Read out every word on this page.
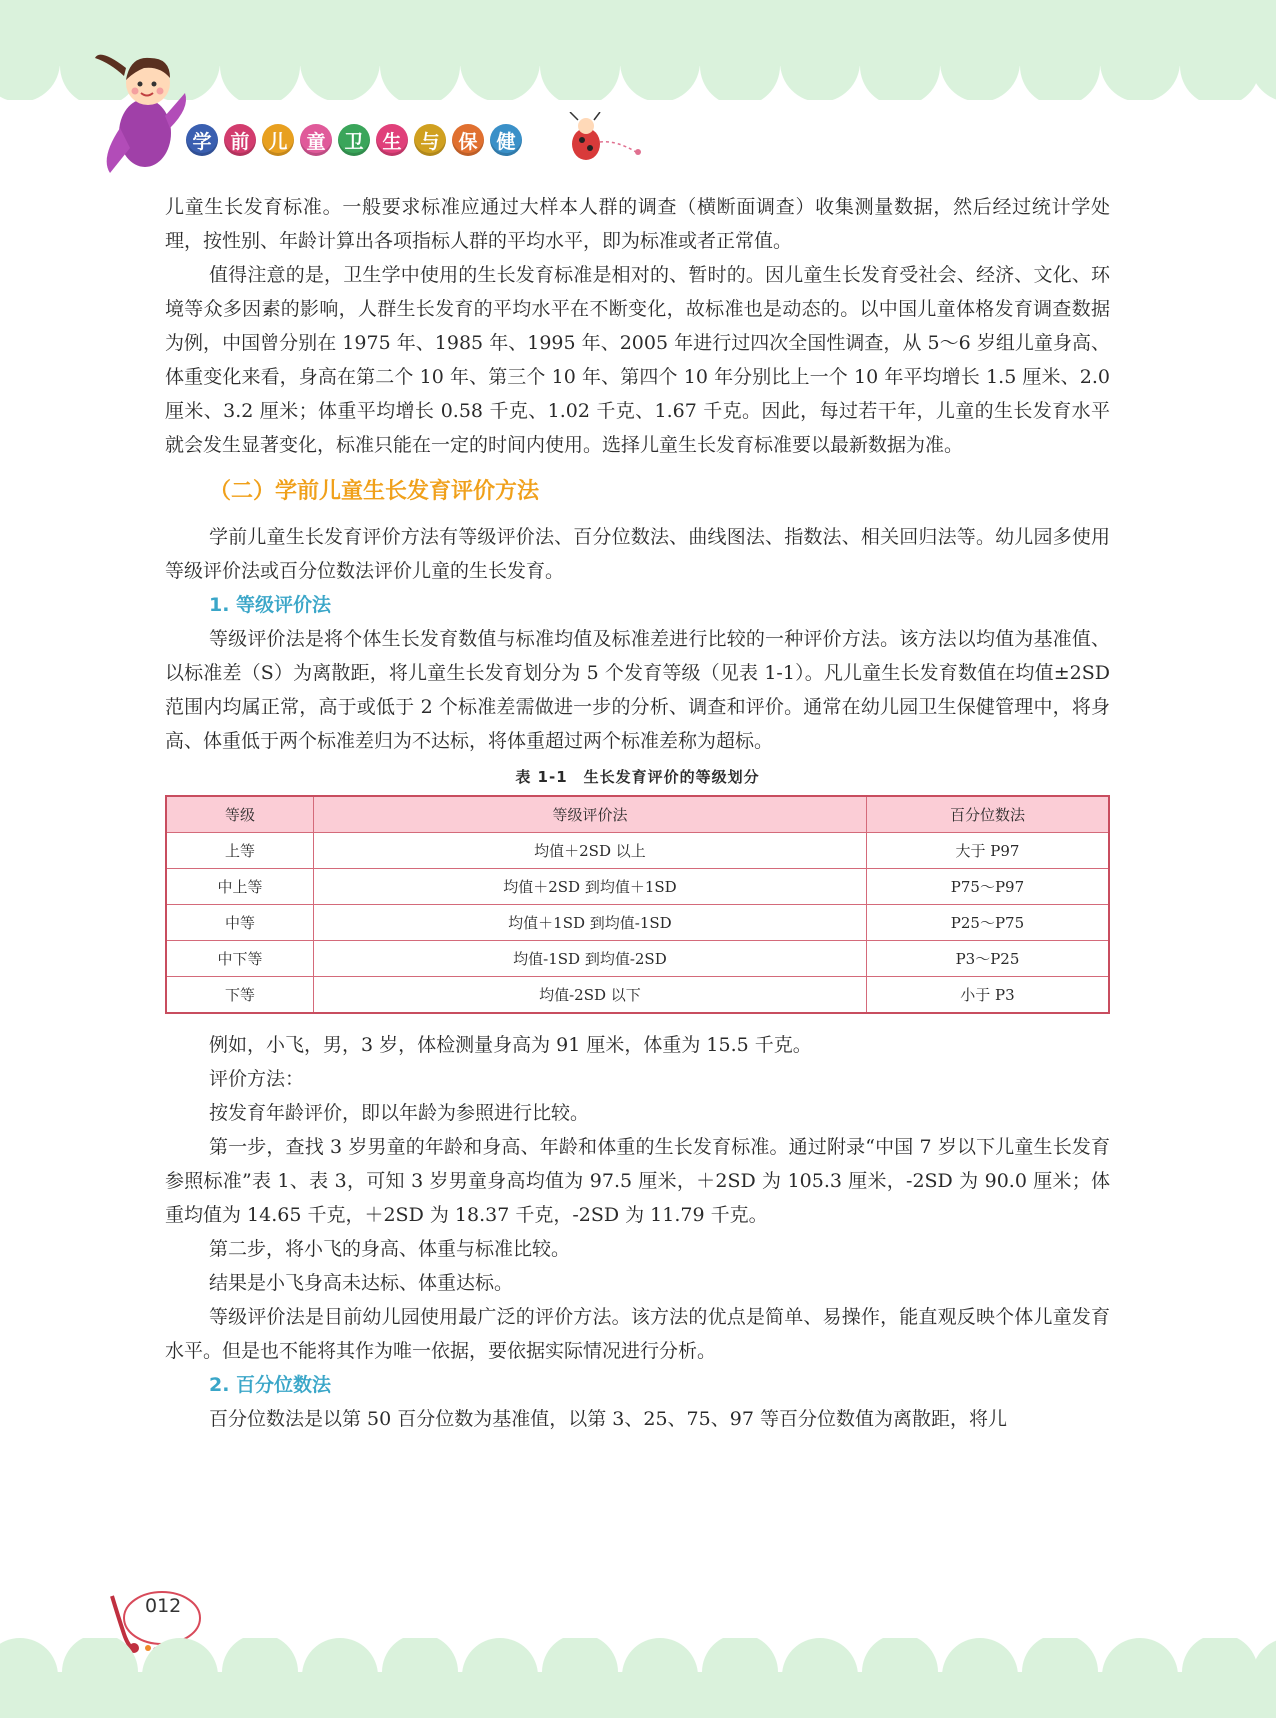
学 前 儿 童 卫 生 与 保 健

儿童生长发育标准。一般要求标准应通过大样本人群的调查（横断面调查）收集测量数据，然后经过统计学处理，按性别、年龄计算出各项指标人群的平均水平，即为标准或者正常值。

值得注意的是，卫生学中使用的生长发育标准是相对的、暂时的。因儿童生长发育受社会、经济、文化、环境等众多因素的影响，人群生长发育的平均水平在不断变化，故标准也是动态的。以中国儿童体格发育调查数据为例，中国曾分别在 1975 年、1985 年、1995 年、2005 年进行过四次全国性调查，从 5～6 岁组儿童身高、体重变化来看，身高在第二个 10 年、第三个 10 年、第四个 10 年分别比上一个 10 年平均增长 1.5 厘米、2.0 厘米、3.2 厘米；体重平均增长 0.58 千克、1.02 千克、1.67 千克。因此，每过若干年，儿童的生长发育水平就会发生显著变化，标准只能在一定的时间内使用。选择儿童生长发育标准要以最新数据为准。

（二）学前儿童生长发育评价方法

学前儿童生长发育评价方法有等级评价法、百分位数法、曲线图法、指数法、相关回归法等。幼儿园多使用等级评价法或百分位数法评价儿童的生长发育。

1. 等级评价法

等级评价法是将个体生长发育数值与标准均值及标准差进行比较的一种评价方法。该方法以均值为基准值、以标准差（S）为离散距，将儿童生长发育划分为 5 个发育等级（见表 1-1）。凡儿童生长发育数值在均值±2SD 范围内均属正常，高于或低于 2 个标准差需做进一步的分析、调查和评价。通常在幼儿园卫生保健管理中，将身高、体重低于两个标准差归为不达标，将体重超过两个标准差称为超标。

表 1-1　生长发育评价的等级划分
等级	等级评价法	百分位数法
上等	均值＋2SD 以上	大于 P97
中上等	均值＋2SD 到均值＋1SD	P75～P97
中等	均值＋1SD 到均值-1SD	P25～P75
中下等	均值-1SD 到均值-2SD	P3～P25
下等	均值-2SD 以下	小于 P3

例如，小飞，男，3 岁，体检测量身高为 91 厘米，体重为 15.5 千克。

评价方法：

按发育年龄评价，即以年龄为参照进行比较。

第一步，查找 3 岁男童的年龄和身高、年龄和体重的生长发育标准。通过附录“中国 7 岁以下儿童生长发育参照标准”表 1、表 3，可知 3 岁男童身高均值为 97.5 厘米，＋2SD 为 105.3 厘米，-2SD 为 90.0 厘米；体重均值为 14.65 千克，＋2SD 为 18.37 千克，-2SD 为 11.79 千克。

第二步，将小飞的身高、体重与标准比较。

结果是小飞身高未达标、体重达标。

等级评价法是目前幼儿园使用最广泛的评价方法。该方法的优点是简单、易操作，能直观反映个体儿童发育水平。但是也不能将其作为唯一依据，要依据实际情况进行分析。

2. 百分位数法

百分位数法是以第 50 百分位数为基准值，以第 3、25、75、97 等百分位数值为离散距，将儿

012
